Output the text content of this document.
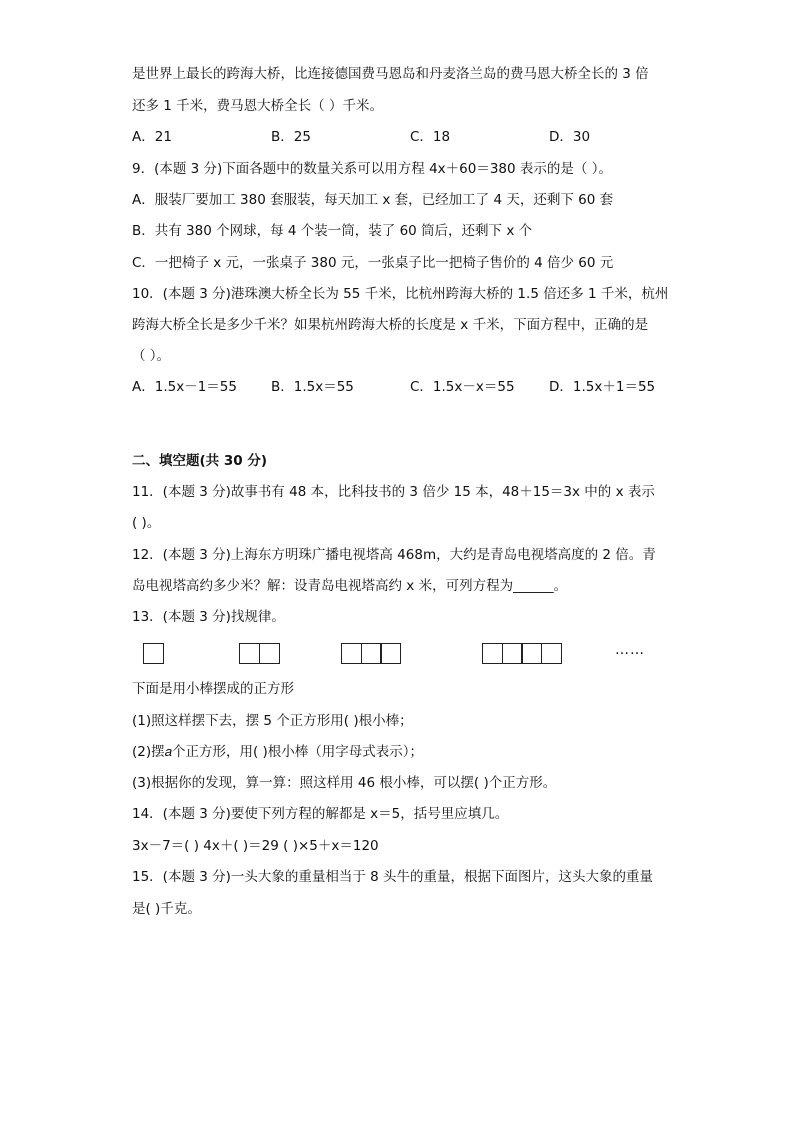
是世界上最长的跨海大桥，比连接德国费马恩岛和丹麦洛兰岛的费马恩大桥全长的 3 倍
还多 1 千米，费马恩大桥全长（ ）千米。
A．21	B．25	C．18	D．30
9．(本题 3 分)下面各题中的数量关系可以用方程 4x＋60＝380 表示的是（ ）。
A．服装厂要加工 380 套服装，每天加工 x 套，已经加工了 4 天，还剩下 60 套
B．共有 380 个网球，每 4 个装一筒，装了 60 筒后，还剩下 x 个
C．一把椅子 x 元，一张桌子 380 元，一张桌子比一把椅子售价的 4 倍少 60 元
10．(本题 3 分)港珠澳大桥全长为 55 千米，比杭州跨海大桥的 1.5 倍还多 1 千米，杭州
跨海大桥全长是多少千米？如果杭州跨海大桥的长度是 x 千米，下面方程中，正确的是
（ ）。
A．1.5x－1＝55	B．1.5x＝55	C．1.5x－x＝55	D．1.5x＋1＝55
二、填空题(共 30 分)
11．(本题 3 分)故事书有 48 本，比科技书的 3 倍少 15 本，48＋15＝3x 中的 x 表示
( )。
12．(本题 3 分)上海东方明珠广播电视塔高 468m，大约是青岛电视塔高度的 2 倍。青
岛电视塔高约多少米？解：设青岛电视塔高约 x 米，可列方程为______。
13．(本题 3 分)找规律。
……
下面是用小棒摆成的正方形
(1)照这样摆下去，摆 5 个正方形用( )根小棒；
(2)摆𝑎个正方形，用( )根小棒（用字母式表示）；
(3)根据你的发现，算一算：照这样用 46 根小棒，可以摆( )个正方形。
14．(本题 3 分)要使下列方程的解都是 x＝5，括号里应填几。
3x－7＝( ) 4x＋( )＝29 ( )×5＋x＝120
15．(本题 3 分)一头大象的重量相当于 8 头牛的重量，根据下面图片，这头大象的重量
是( )千克。
